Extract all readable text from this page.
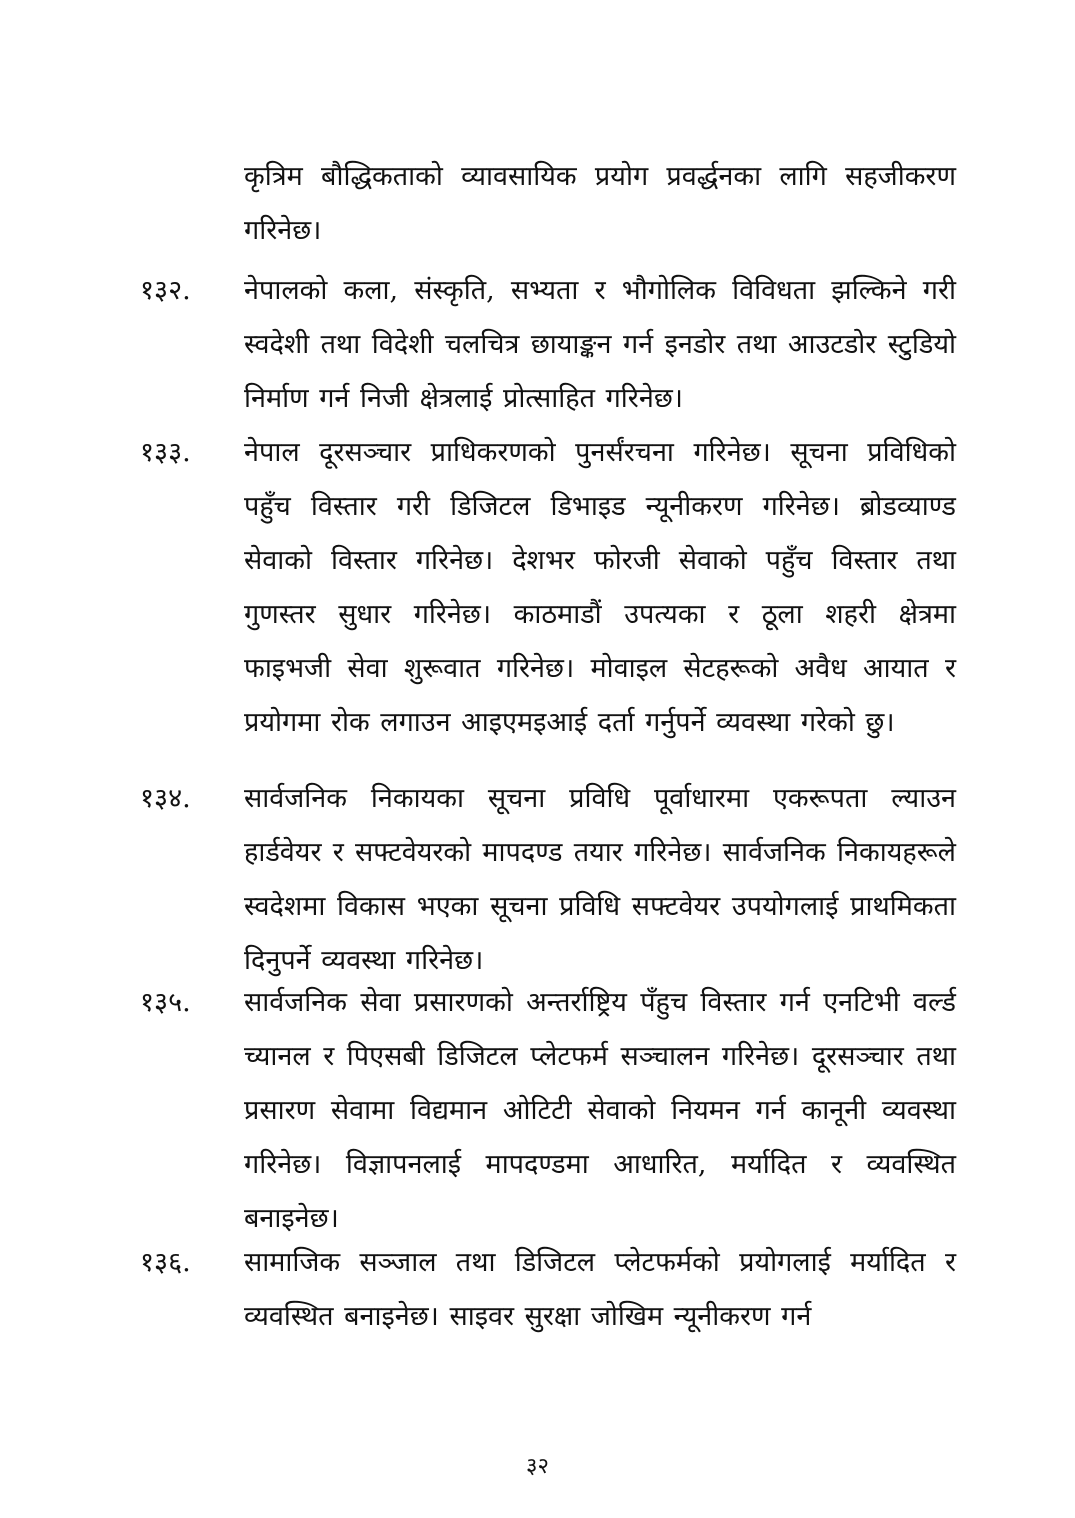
कृत्रिम बौद्धिकताको व्यावसायिक प्रयोग प्रवर्द्धनका लागि सहजीकरण गरिनेछ।
१३२. नेपालको कला, संस्कृति, सभ्यता र भौगोलिक विविधता झल्किने गरी स्वदेशी तथा विदेशी चलचित्र छायाङ्कन गर्न इनडोर तथा आउटडोर स्टुडियो निर्माण गर्न निजी क्षेत्रलाई प्रोत्साहित गरिनेछ।
१३३. नेपाल दूरसञ्चार प्राधिकरणको पुनर्संरचना गरिनेछ। सूचना प्रविधिको पहुँच विस्तार गरी डिजिटल डिभाइड न्यूनीकरण गरिनेछ। ब्रोडव्याण्ड सेवाको विस्तार गरिनेछ। देशभर फोरजी सेवाको पहुँच विस्तार तथा गुणस्तर सुधार गरिनेछ। काठमाडौं उपत्यका र ठूला शहरी क्षेत्रमा फाइभजी सेवा शुरूवात गरिनेछ। मोवाइल सेटहरूको अवैध आयात र प्रयोगमा रोक लगाउन आइएमइआई दर्ता गर्नुपर्ने व्यवस्था गरेको छु।
१३४. सार्वजनिक निकायका सूचना प्रविधि पूर्वाधारमा एकरूपता ल्याउन हार्डवेयर र सफ्टवेयरको मापदण्ड तयार गरिनेछ। सार्वजनिक निकायहरूले स्वदेशमा विकास भएका सूचना प्रविधि सफ्टवेयर उपयोगलाई प्राथमिकता दिनुपर्ने व्यवस्था गरिनेछ।
१३५. सार्वजनिक सेवा प्रसारणको अन्तर्राष्ट्रिय पँहुच विस्तार गर्न एनटिभी वर्ल्ड च्यानल र पिएसबी डिजिटल प्लेटफर्म सञ्चालन गरिनेछ। दूरसञ्चार तथा प्रसारण सेवामा विद्यमान ओटिटी सेवाको नियमन गर्न कानूनी व्यवस्था गरिनेछ। विज्ञापनलाई मापदण्डमा आधारित, मर्यादित र व्यवस्थित बनाइनेछ।
१३६. सामाजिक सञ्जाल तथा डिजिटल प्लेटफर्मको प्रयोगलाई मर्यादित र व्यवस्थित बनाइनेछ। साइवर सुरक्षा जोखिम न्यूनीकरण गर्न
३२
